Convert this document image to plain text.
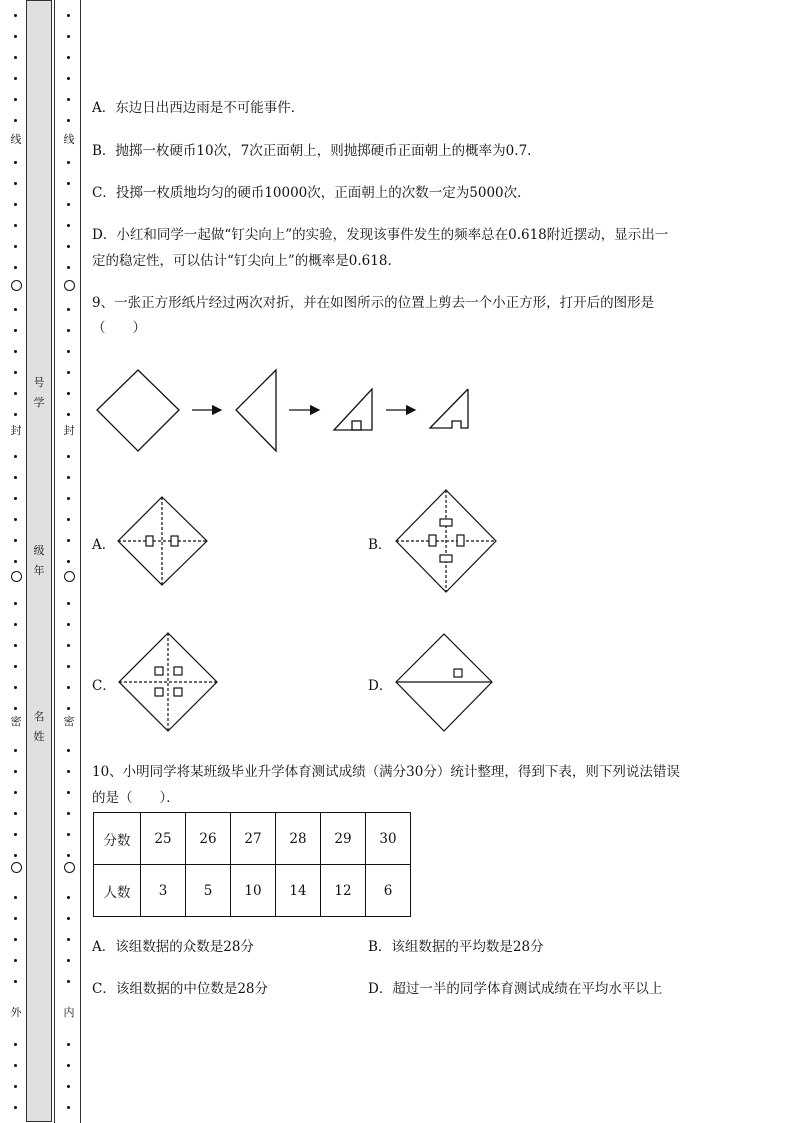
线
封
密
外
号
学
级
年
名
姓
线
封
密
内
A．东边日出西边雨是不可能事件．
B．抛掷一枚硬币10次，7次正面朝上，则抛掷硬币正面朝上的概率为0.7.
C．投掷一枚质地均匀的硬币10000次，正面朝上的次数一定为5000次．
D．小红和同学一起做“钉尖向上”的实验，发现该事件发生的频率总在0.618附近摆动，显示出一
定的稳定性，可以估计“钉尖向上”的概率是0.618.
9、一张正方形纸片经过两次对折，并在如图所示的位置上剪去一个小正方形，打开后的图形是
（　　）
A．	B．
C．	D．
10、小明同学将某班级毕业升学体育测试成绩（满分30分）统计整理，得到下表，则下列说法错误
的是（　　）．
分数	25	26	27	28	29	30
人数	3	5	10	14	12	6
A．该组数据的众数是28分	B．该组数据的平均数是28分
C．该组数据的中位数是28分	D．超过一半的同学体育测试成绩在平均水平以上
